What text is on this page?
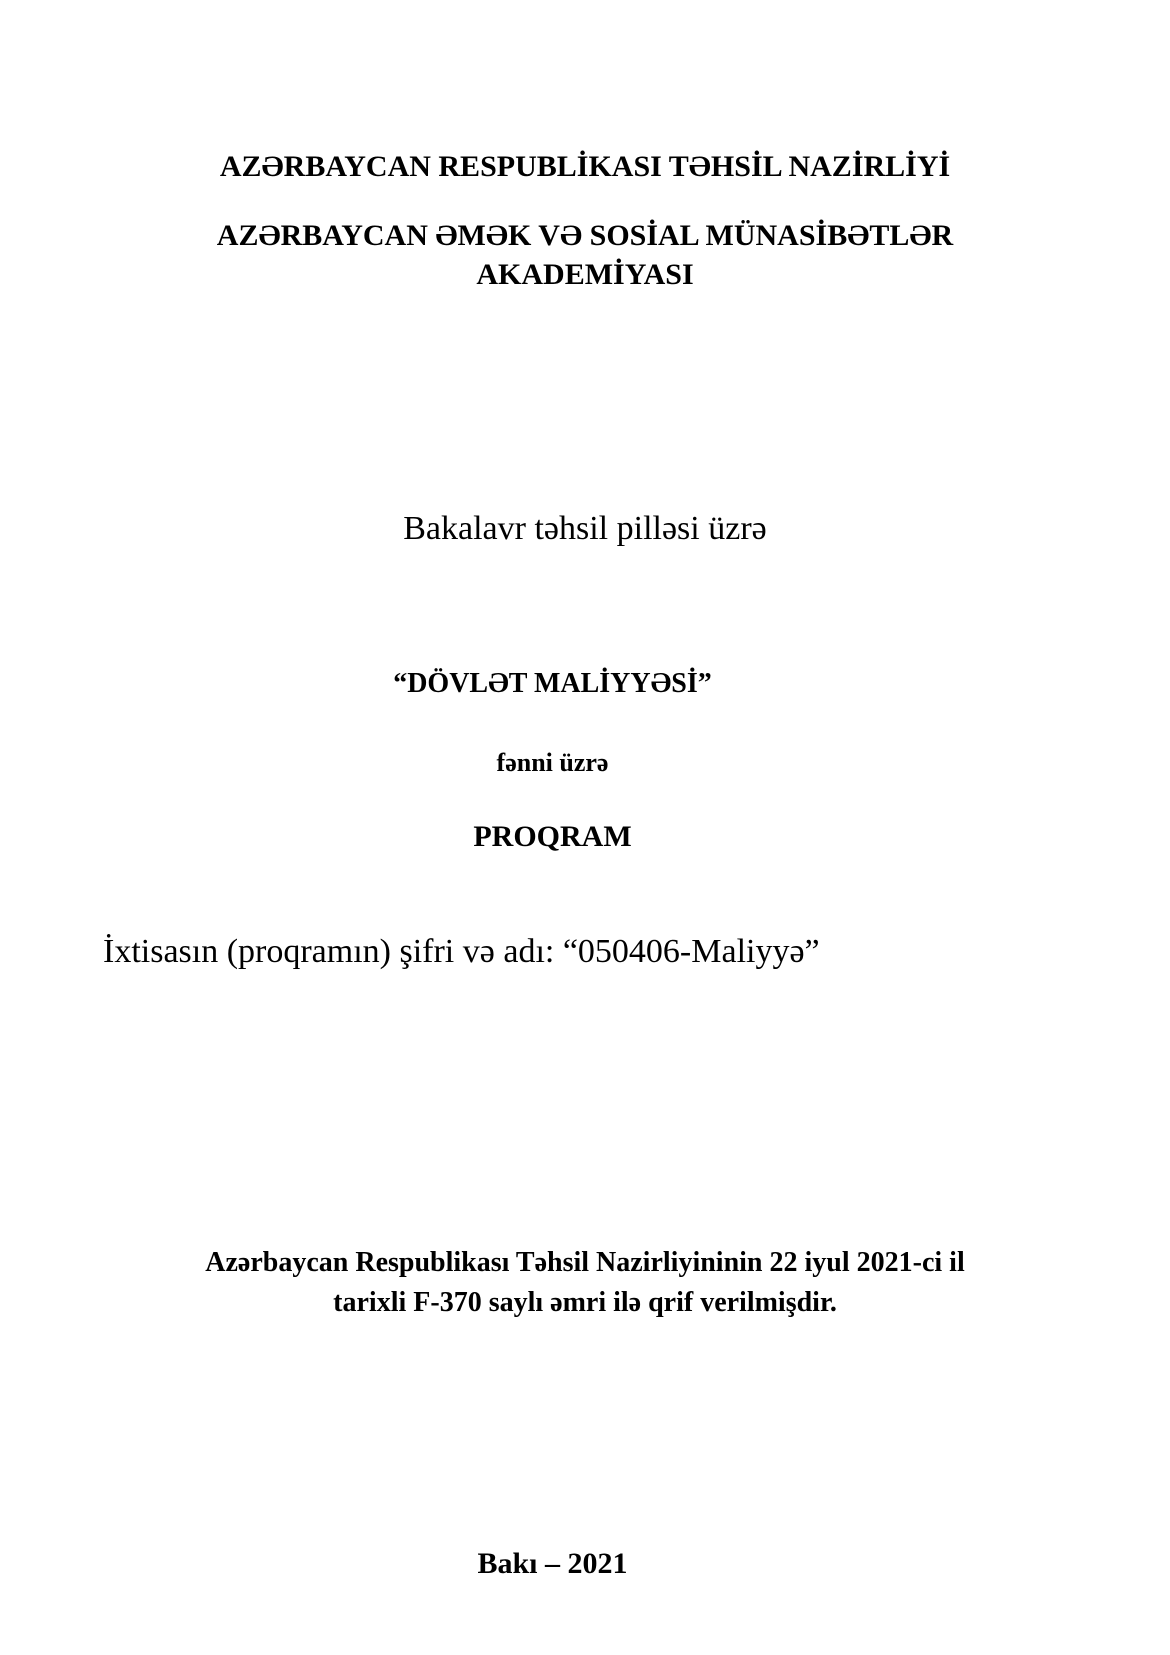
AZƏRBAYCAN RESPUBLİKASI TƏHSİL NAZİRLİYİ

AZƏRBAYCAN ƏMƏK VƏ SOSİAL MÜNASİBƏTLƏR

AKADEMİYASI

Bakalavr təhsil pilləsi üzrə

“DÖVLƏT MALİYYƏSİ”

fənni üzrə

PROQRAM

İxtisasın (proqramın) şifri və adı: “050406-Maliyyə”

Azərbaycan Respublikası Təhsil Nazirliyininin 22 iyul 2021-ci il

tarixli F-370 saylı əmri ilə qrif verilmişdir.

Bakı – 2021
